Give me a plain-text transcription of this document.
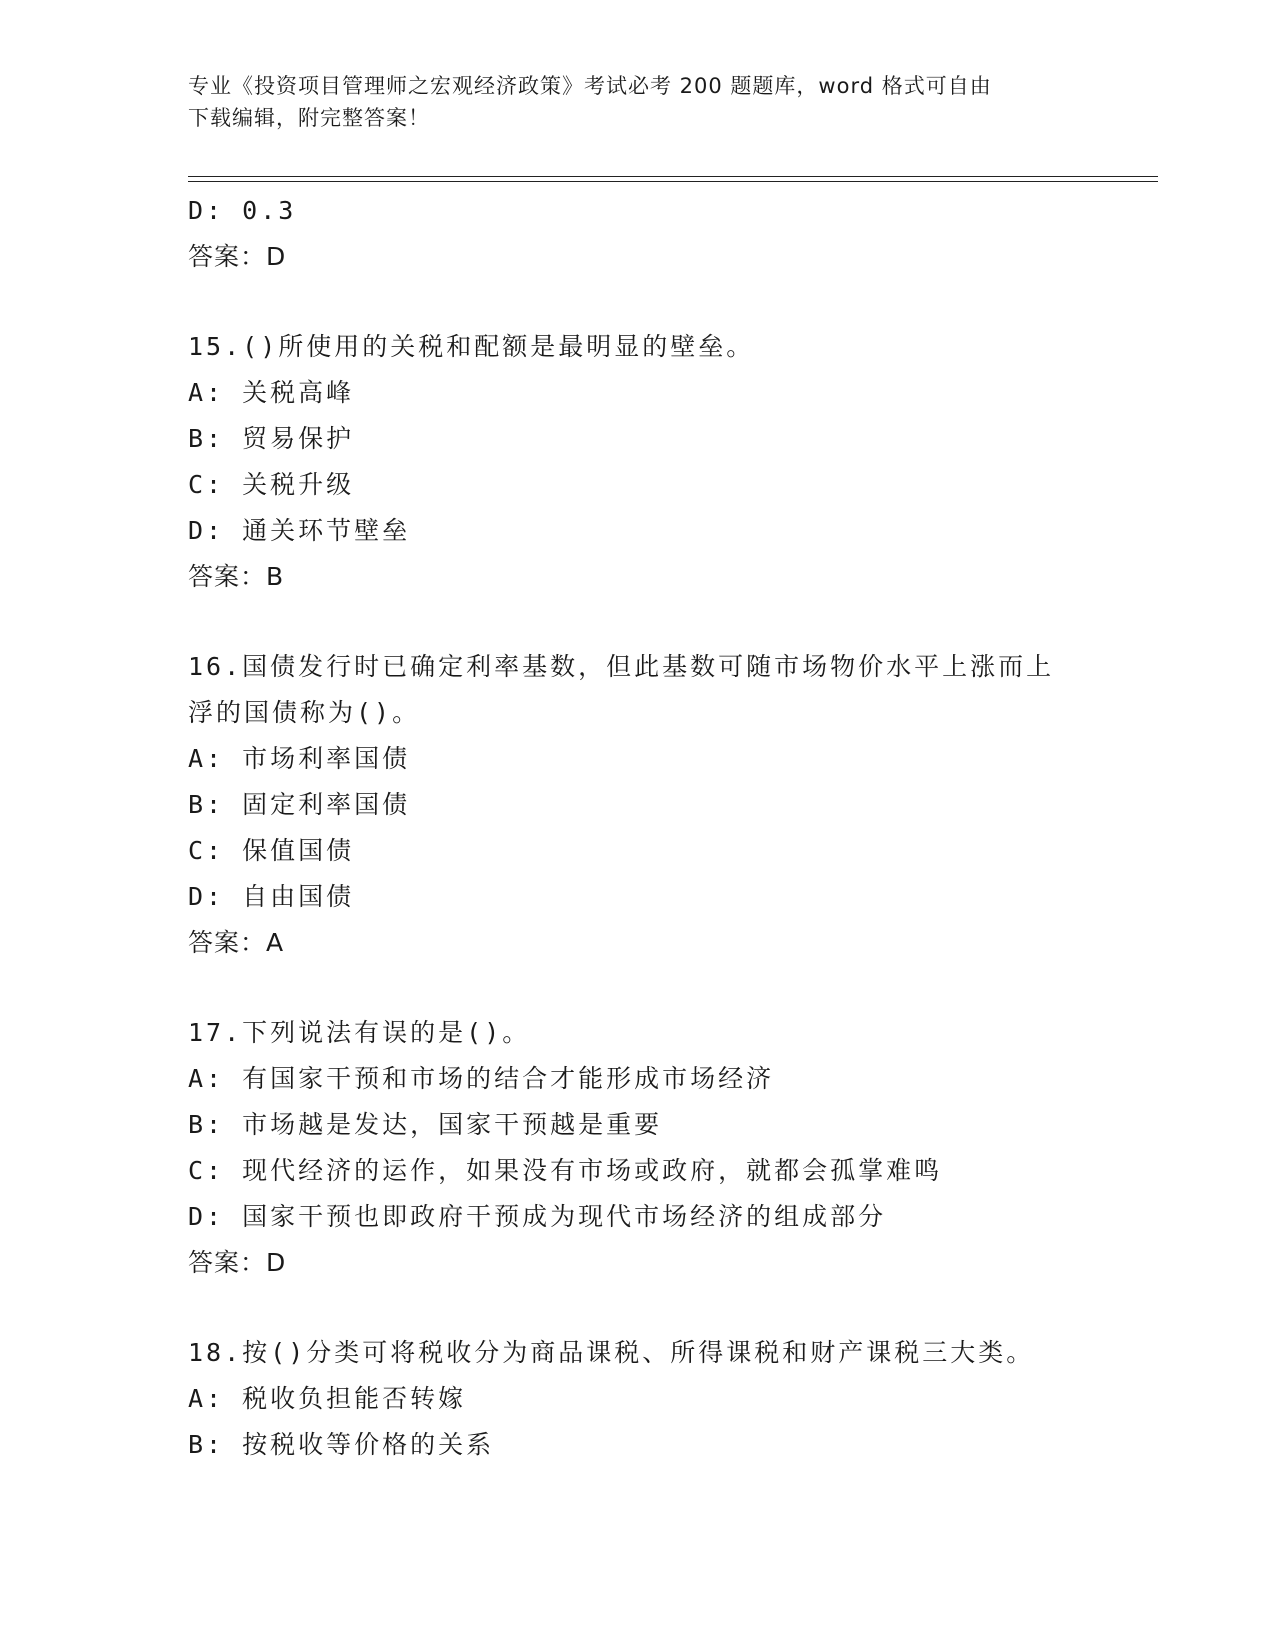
专业《投资项目管理师之宏观经济政策》考试必考 200 题题库，word 格式可自由
下载编辑，附完整答案！
D: 0.3
答案：D
15.()所使用的关税和配额是最明显的壁垒。
A: 关税高峰
B: 贸易保护
C: 关税升级
D: 通关环节壁垒
答案：B
16.国债发行时已确定利率基数，但此基数可随市场物价水平上涨而上
浮的国债称为()。
A: 市场利率国债
B: 固定利率国债
C: 保值国债
D: 自由国债
答案：A
17.下列说法有误的是()。
A: 有国家干预和市场的结合才能形成市场经济
B: 市场越是发达，国家干预越是重要
C: 现代经济的运作，如果没有市场或政府，就都会孤掌难鸣
D: 国家干预也即政府干预成为现代市场经济的组成部分
答案：D
18.按()分类可将税收分为商品课税、所得课税和财产课税三大类。
A: 税收负担能否转嫁
B: 按税收等价格的关系
